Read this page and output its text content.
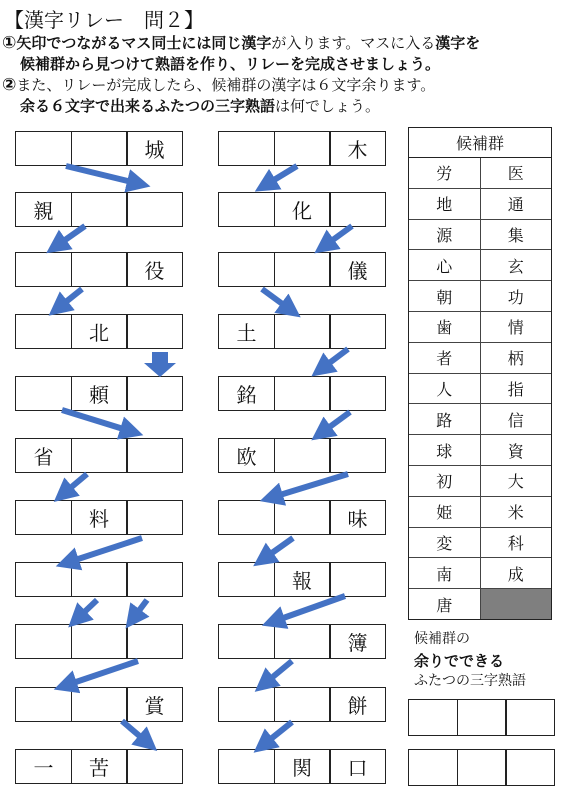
【漢字リレー　問２】
①矢印でつながるマス同士には同じ漢字が入ります。マスに入る漢字を
候補群から見つけて熟語を作り、リレーを完成させましょう。
②また、リレーが完成したら、候補群の漢字は６文字余ります。
余る６文字で出来るふたつの三字熟語は何でしょう。
城
親
役
北
頼
省
料
賞
一	苦
木
化
儀
土
銘
欧
味
報
簿
餅
関	口
候補群
労	医
地	通
源	集
心	玄
朝	功
歯	情
者	柄
人	指
路	信
球	資
初	大
姫	米
変	科
南	成
唐
候補群の
余りでできる
ふたつの三字熟語
